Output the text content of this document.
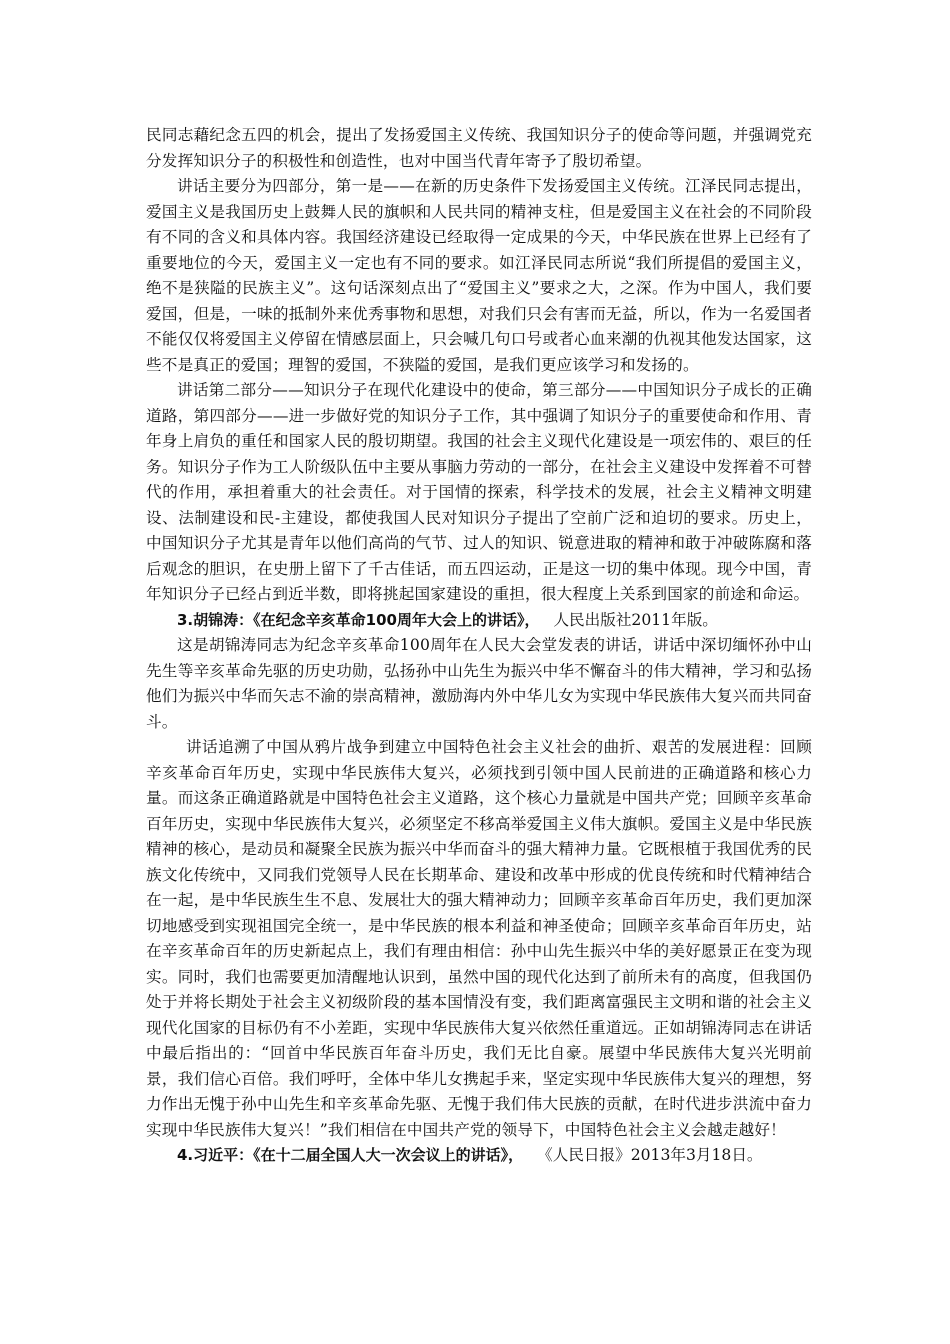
民同志藉纪念五四的机会，提出了发扬爱国主义传统、我国知识分子的使命等问题，并强调党充分发挥知识分子的积极性和创造性，也对中国当代青年寄予了殷切希望。

讲话主要分为四部分，第一是——在新的历史条件下发扬爱国主义传统。江泽民同志提出，爱国主义是我国历史上鼓舞人民的旗帜和人民共同的精神支柱，但是爱国主义在社会的不同阶段有不同的含义和具体内容。我国经济建设已经取得一定成果的今天，中华民族在世界上已经有了重要地位的今天，爱国主义一定也有不同的要求。如江泽民同志所说“我们所提倡的爱国主义，绝不是狭隘的民族主义”。这句话深刻点出了“爱国主义”要求之大，之深。作为中国人，我们要爱国，但是，一味的抵制外来优秀事物和思想，对我们只会有害而无益，所以，作为一名爱国者不能仅仅将爱国主义停留在情感层面上，只会喊几句口号或者心血来潮的仇视其他发达国家，这些不是真正的爱国；理智的爱国，不狭隘的爱国，是我们更应该学习和发扬的。

讲话第二部分——知识分子在现代化建设中的使命，第三部分——中国知识分子成长的正确道路，第四部分——进一步做好党的知识分子工作，其中强调了知识分子的重要使命和作用、青年身上肩负的重任和国家人民的殷切期望。我国的社会主义现代化建设是一项宏伟的、艰巨的任务。知识分子作为工人阶级队伍中主要从事脑力劳动的一部分，在社会主义建设中发挥着不可替代的作用，承担着重大的社会责任。对于国情的探索，科学技术的发展，社会主义精神文明建设、法制建设和民-主建设，都使我国人民对知识分子提出了空前广泛和迫切的要求。历史上，中国知识分子尤其是青年以他们高尚的气节、过人的知识、锐意进取的精神和敢于冲破陈腐和落后观念的胆识，在史册上留下了千古佳话，而五四运动，正是这一切的集中体现。现今中国，青年知识分子已经占到近半数，即将挑起国家建设的重担，很大程度上关系到国家的前途和命运。

3.胡锦涛：《在纪念辛亥革命100周年大会上的讲话》， 人民出版社2011年版。

这是胡锦涛同志为纪念辛亥革命100周年在人民大会堂发表的讲话，讲话中深切缅怀孙中山先生等辛亥革命先驱的历史功勋，弘扬孙中山先生为振兴中华不懈奋斗的伟大精神，学习和弘扬他们为振兴中华而矢志不渝的崇高精神，激励海内外中华儿女为实现中华民族伟大复兴而共同奋斗。

讲话追溯了中国从鸦片战争到建立中国特色社会主义社会的曲折、艰苦的发展进程：回顾辛亥革命百年历史，实现中华民族伟大复兴，必须找到引领中国人民前进的正确道路和核心力量。而这条正确道路就是中国特色社会主义道路，这个核心力量就是中国共产党；回顾辛亥革命百年历史，实现中华民族伟大复兴，必须坚定不移高举爱国主义伟大旗帜。爱国主义是中华民族精神的核心，是动员和凝聚全民族为振兴中华而奋斗的强大精神力量。它既根植于我国优秀的民族文化传统中，又同我们党领导人民在长期革命、建设和改革中形成的优良传统和时代精神结合在一起，是中华民族生生不息、发展壮大的强大精神动力；回顾辛亥革命百年历史，我们更加深切地感受到实现祖国完全统一，是中华民族的根本利益和神圣使命；回顾辛亥革命百年历史，站在辛亥革命百年的历史新起点上，我们有理由相信：孙中山先生振兴中华的美好愿景正在变为现实。同时，我们也需要更加清醒地认识到，虽然中国的现代化达到了前所未有的高度，但我国仍处于并将长期处于社会主义初级阶段的基本国情没有变，我们距离富强民主文明和谐的社会主义现代化国家的目标仍有不小差距，实现中华民族伟大复兴依然任重道远。正如胡锦涛同志在讲话中最后指出的：“回首中华民族百年奋斗历史，我们无比自豪。展望中华民族伟大复兴光明前景，我们信心百倍。我们呼吁，全体中华儿女携起手来，坚定实现中华民族伟大复兴的理想，努力作出无愧于孙中山先生和辛亥革命先驱、无愧于我们伟大民族的贡献，在时代进步洪流中奋力实现中华民族伟大复兴！”我们相信在中国共产党的领导下，中国特色社会主义会越走越好！

4.习近平：《在十二届全国人大一次会议上的讲话》， 《人民日报》2013年3月18日。
